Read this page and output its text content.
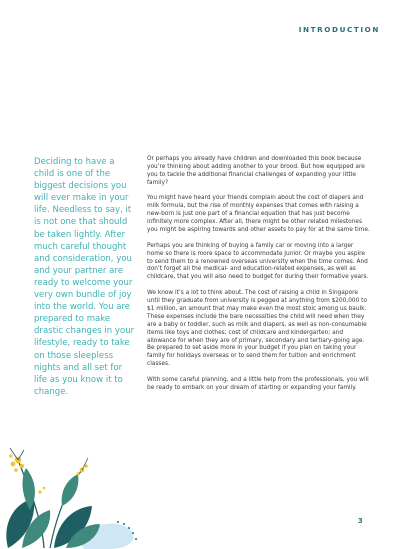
INTRODUCTION
Deciding to have a child is one of the biggest decisions you will ever make in your life. Needless to say, it is not one that should be taken lightly. After much careful thought and consideration, you and your partner are ready to welcome your very own bundle of joy into the world. You are prepared to make drastic changes in your lifestyle, ready to take on those sleepless nights and all set for life as you know it to change.

Or perhaps you already have children and downloaded this book because you’re thinking about adding another to your brood. But how equipped are you to tackle the additional financial challenges of expanding your little family?

You might have heard your friends complain about the cost of diapers and milk formula, but the rise of monthly expenses that comes with raising a new-born is just one part of a financial equation that has just become infinitely more complex. After all, there might be other related milestones you might be aspiring towards and other assets to pay for at the same time.

Perhaps you are thinking of buying a family car or moving into a larger home so there is more space to accommodate Junior. Or maybe you aspire to send them to a renowned overseas university when the time comes. And don’t forget all the medical- and education-related expenses, as well as childcare, that you will also need to budget for during their formative years.

We know it’s a lot to think about. The cost of raising a child in Singapore until they graduate from university is pegged at anything from $200,000 to $1 million, an amount that may make even the most stoic among us baulk. These expenses include the bare necessities the child will need when they are a baby or toddler, such as milk and diapers, as well as non-consumable items like toys and clothes; cost of childcare and kindergarten; and allowance for when they are of primary, secondary and tertiary-going age. Be prepared to set aside more in your budget if you plan on taking your family for holidays overseas or to send them for tuition and enrichment classes.

With some careful planning, and a little help from the professionals, you will be ready to embark on your dream of starting or expanding your family.

3
